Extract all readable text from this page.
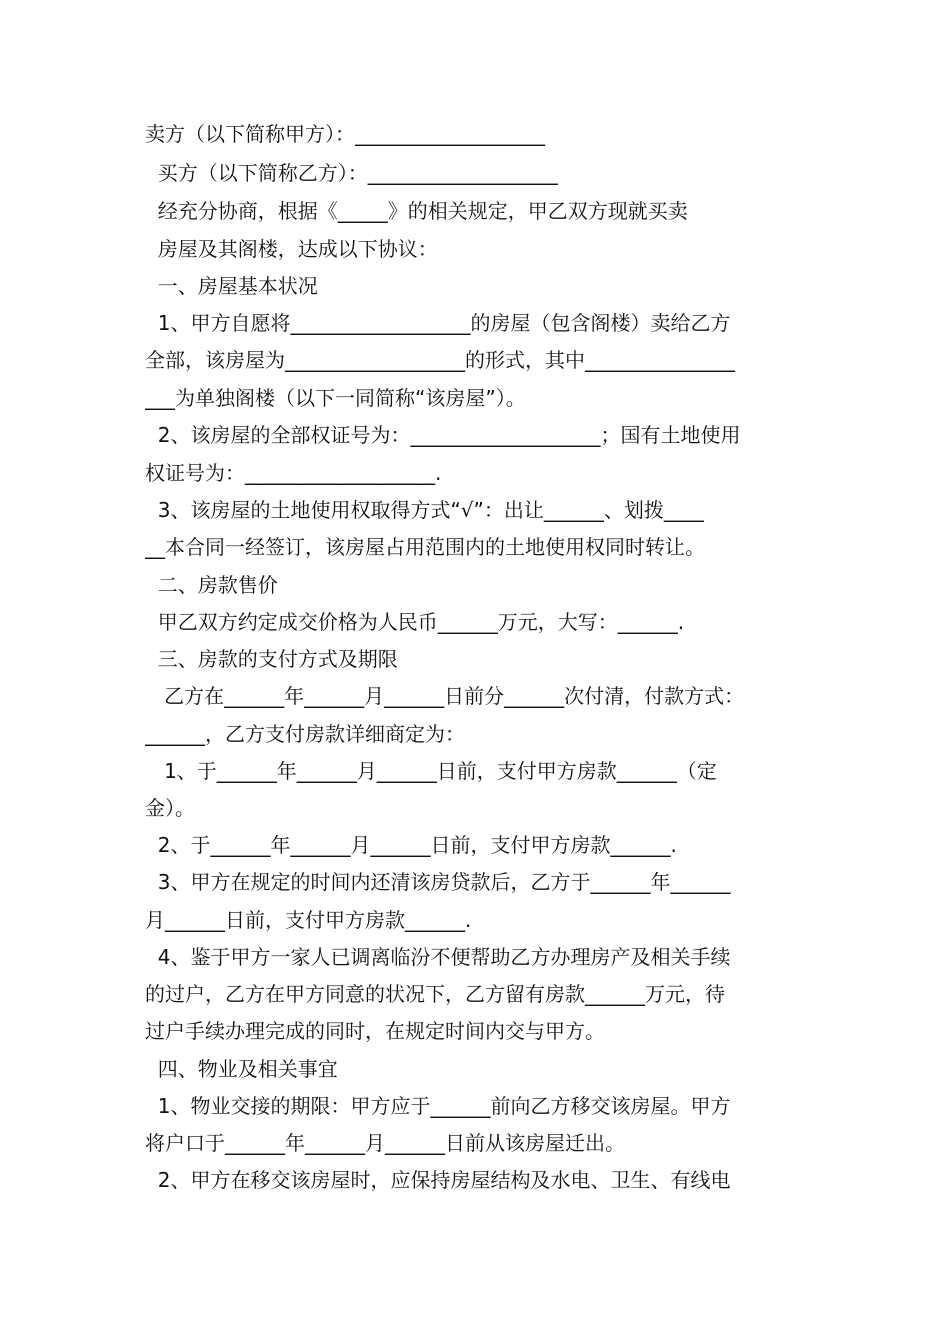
卖方（以下简称甲方）：___________________
买方（以下简称乙方）：___________________
经充分协商，根据《_____》的相关规定，甲乙双方现就买卖
房屋及其阁楼，达成以下协议：
一、房屋基本状况
1、甲方自愿将__________________的房屋（包含阁楼）卖给乙方
全部，该房屋为__________________的形式，其中_______________
___为单独阁楼（以下一同简称“该房屋”）。
2、该房屋的全部权证号为：___________________；国有土地使用
权证号为：___________________.
3、该房屋的土地使用权取得方式“√”：出让______、划拨____
__本合同一经签订，该房屋占用范围内的土地使用权同时转让。
二、房款售价
甲乙双方约定成交价格为人民币______万元，大写：______.
三、房款的支付方式及期限
乙方在______年______月______日前分______次付清，付款方式：
______，乙方支付房款详细商定为：
1、于______年______月______日前，支付甲方房款______（定
金）。
2、于______年______月______日前，支付甲方房款______.
3、甲方在规定的时间内还清该房贷款后，乙方于______年______
月______日前，支付甲方房款______.
4、鉴于甲方一家人已调离临汾不便帮助乙方办理房产及相关手续
的过户，乙方在甲方同意的状况下，乙方留有房款______万元，待
过户手续办理完成的同时，在规定时间内交与甲方。
四、物业及相关事宜
1、物业交接的期限：甲方应于______前向乙方移交该房屋。甲方
将户口于______年______月______日前从该房屋迁出。
2、甲方在移交该房屋时，应保持房屋结构及水电、卫生、有线电
